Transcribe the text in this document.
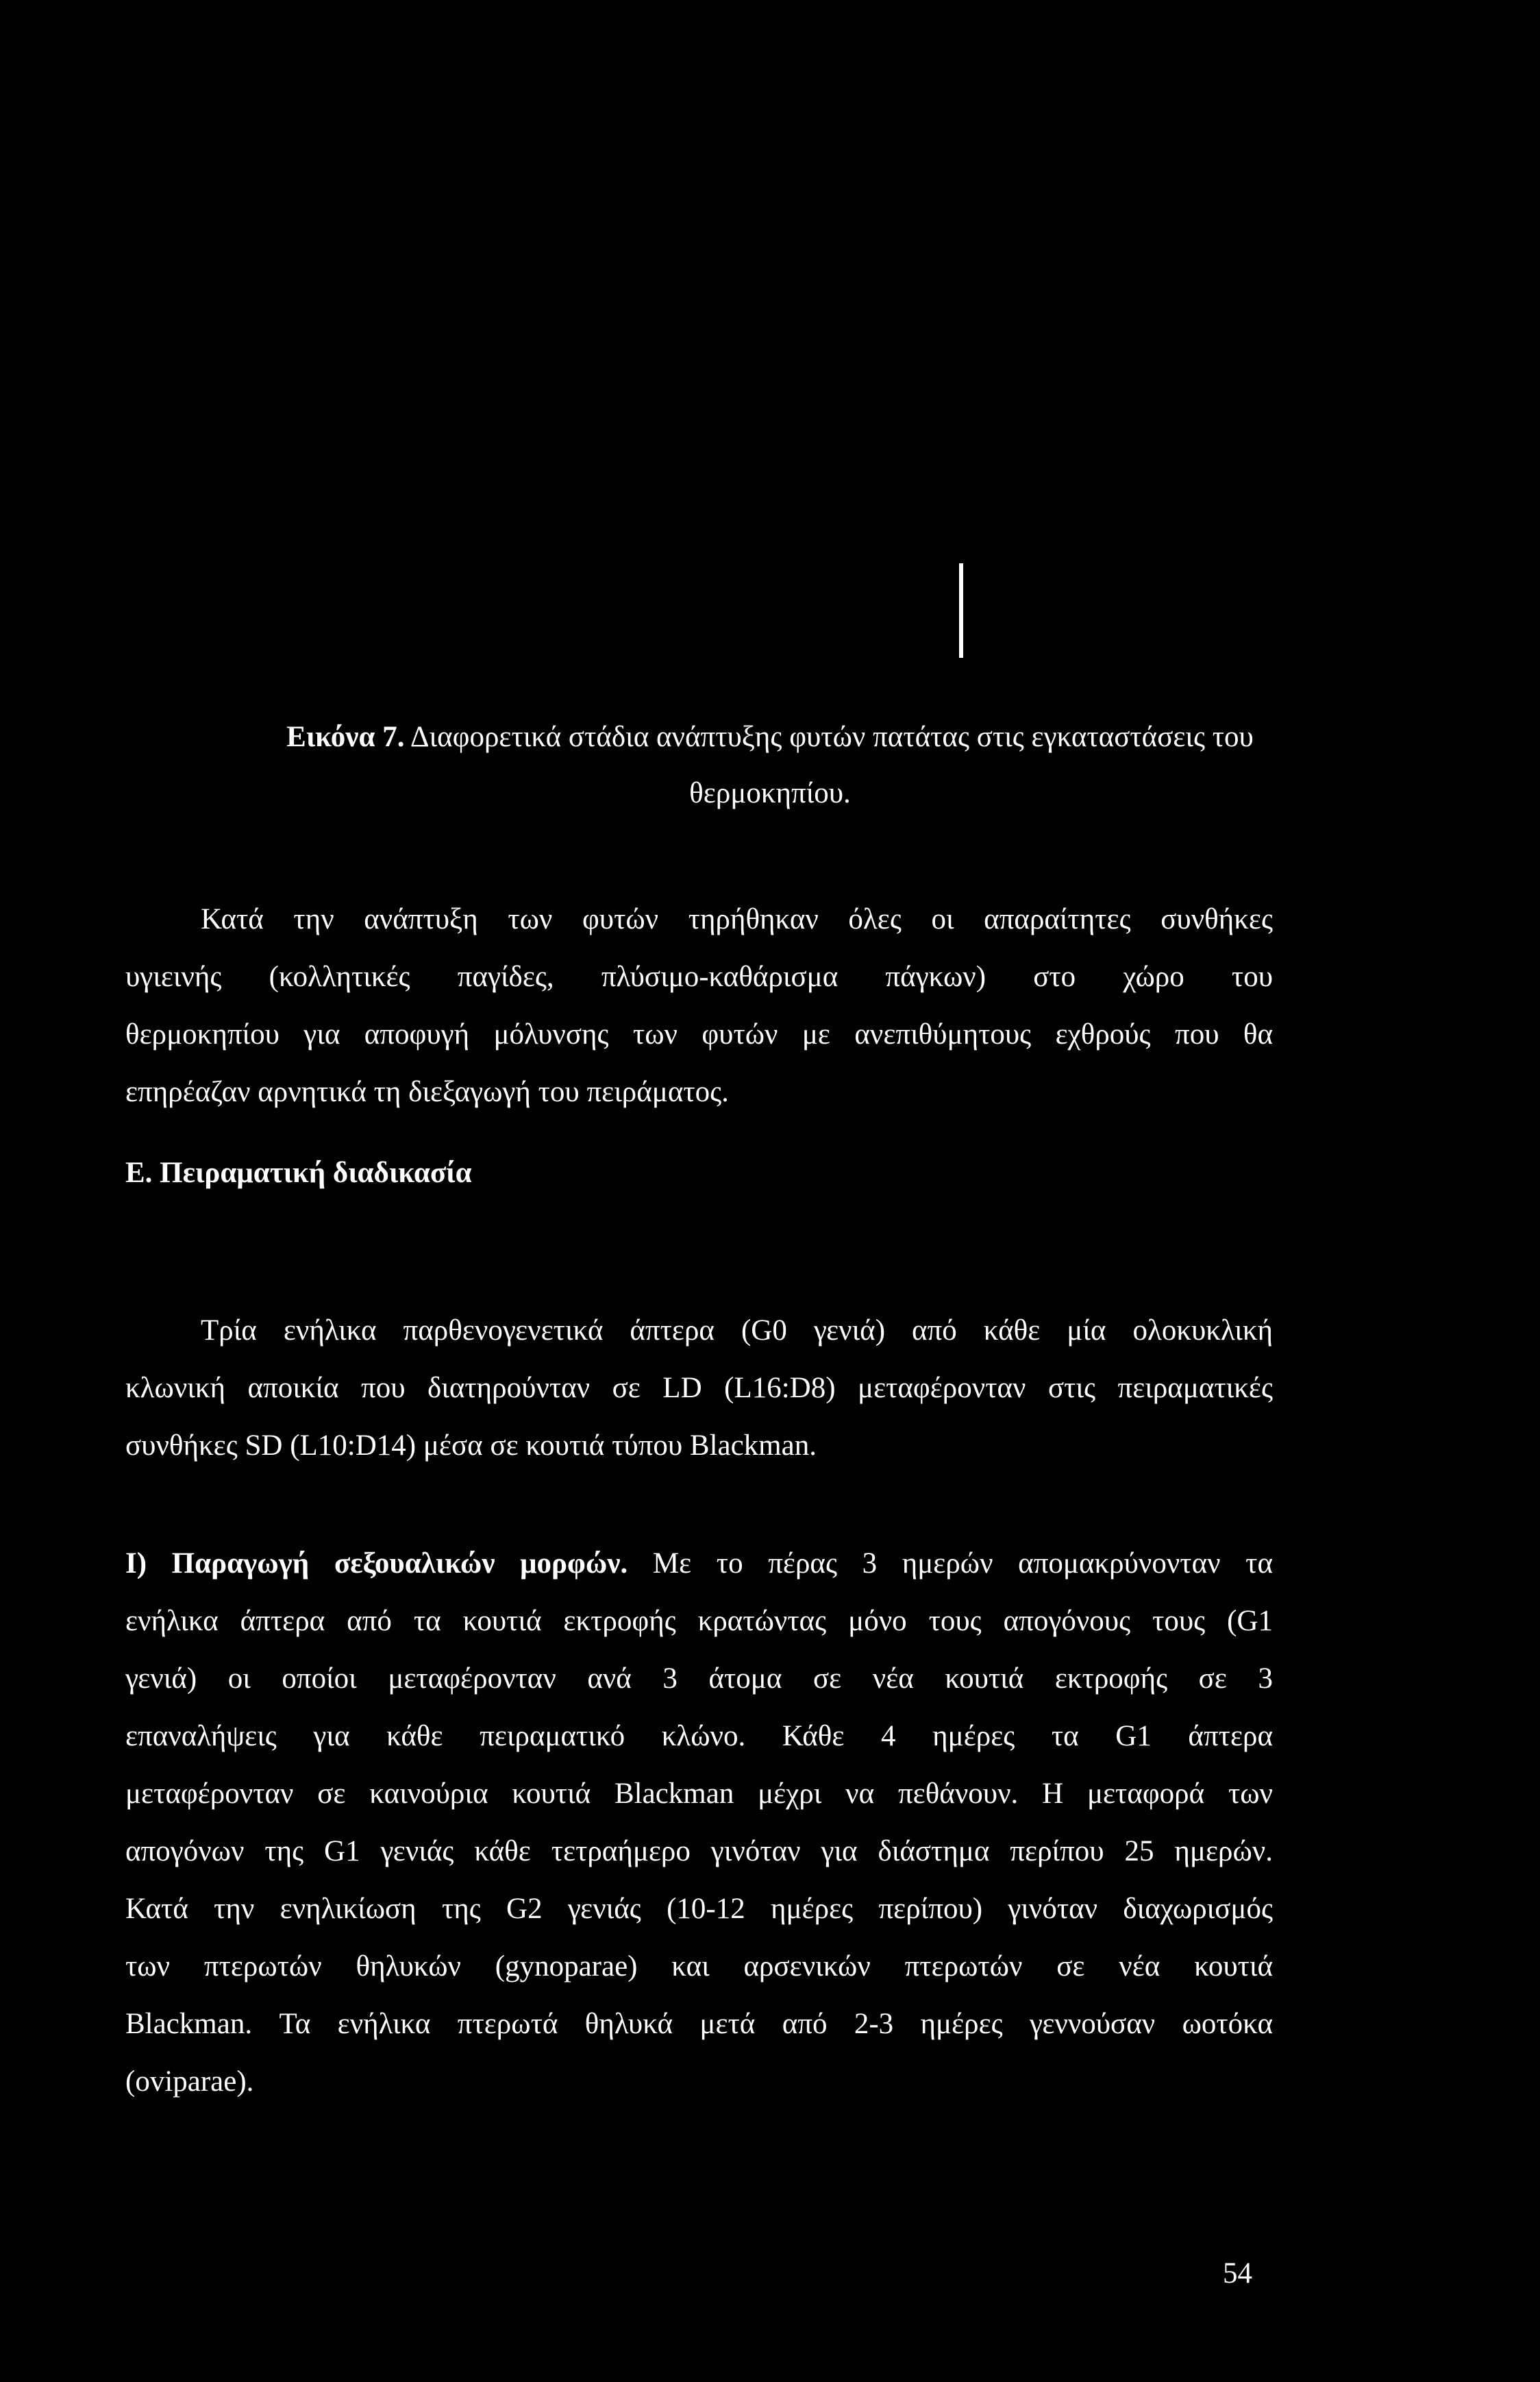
Εικόνα 7. Διαφορετικά στάδια ανάπτυξης φυτών πατάτας στις εγκαταστάσεις του
θερμοκηπίου.
Κατά την ανάπτυξη των φυτών τηρήθηκαν όλες οι απαραίτητες συνθήκες
υγιεινής (κολλητικές παγίδες, πλύσιμο-καθάρισμα πάγκων) στο χώρο του
θερμοκηπίου για αποφυγή μόλυνσης των φυτών με ανεπιθύμητους εχθρούς που θα
επηρέαζαν αρνητικά τη διεξαγωγή του πειράματος.
Ε. Πειραματική διαδικασία
Τρία ενήλικα παρθενογενετικά άπτερα (G0 γενιά) από κάθε μία ολοκυκλική
κλωνική αποικία που διατηρούνταν σε LD (L16:D8) μεταφέρονταν στις πειραματικές
συνθήκες SD (L10:D14) μέσα σε κουτιά τύπου Blackman.
I) Παραγωγή σεξουαλικών μορφών. Με το πέρας 3 ημερών απομακρύνονταν τα
ενήλικα άπτερα από τα κουτιά εκτροφής κρατώντας μόνο τους απογόνους τους (G1
γενιά) οι οποίοι μεταφέρονταν ανά 3 άτομα σε νέα κουτιά εκτροφής σε 3
επαναλήψεις για κάθε πειραματικό κλώνο. Κάθε 4 ημέρες τα G1 άπτερα
μεταφέρονταν σε καινούρια κουτιά Blackman μέχρι να πεθάνουν. Η μεταφορά των
απογόνων της G1 γενιάς κάθε τετραήμερο γινόταν για διάστημα περίπου 25 ημερών.
Κατά την ενηλικίωση της G2 γενιάς (10-12 ημέρες περίπου) γινόταν διαχωρισμός
των πτερωτών θηλυκών (gynoparae) και αρσενικών πτερωτών σε νέα κουτιά
Blackman. Τα ενήλικα πτερωτά θηλυκά μετά από 2-3 ημέρες γεννούσαν ωοτόκα
(oviparae).
54
